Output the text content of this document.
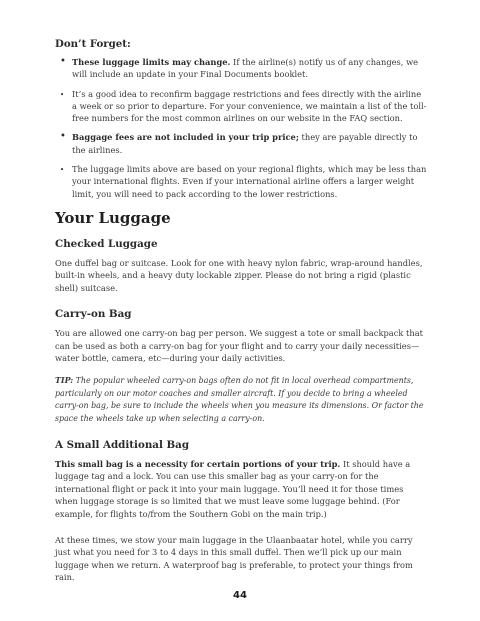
Don’t Forget:
• These luggage limits may change. If the airline(s) notify us of any changes, we will include an update in your Final Documents booklet.
• It’s a good idea to reconfirm baggage restrictions and fees directly with the airline a week or so prior to departure. For your convenience, we maintain a list of the toll-free numbers for the most common airlines on our website in the FAQ section.
• Baggage fees are not included in your trip price; they are payable directly to the airlines.
• The luggage limits above are based on your regional flights, which may be less than your international flights. Even if your international airline offers a larger weight limit, you will need to pack according to the lower restrictions.
Your Luggage
Checked Luggage

One duffel bag or suitcase. Look for one with heavy nylon fabric, wrap-around handles, built-in wheels, and a heavy duty lockable zipper. Please do not bring a rigid (plastic shell) suitcase.

Carry-on Bag

You are allowed one carry-on bag per person. We suggest a tote or small backpack that can be used as both a carry-on bag for your flight and to carry your daily necessities—water bottle, camera, etc—during your daily activities.

TIP: The popular wheeled carry-on bags often do not fit in local overhead compartments, particularly on our motor coaches and smaller aircraft. If you decide to bring a wheeled carry-on bag, be sure to include the wheels when you measure its dimensions. Or factor the space the wheels take up when selecting a carry-on.

A Small Additional Bag

This small bag is a necessity for certain portions of your trip. It should have a luggage tag and a lock. You can use this smaller bag as your carry-on for the international flight or pack it into your main luggage. You’ll need it for those times when luggage storage is so limited that we must leave some luggage behind. (For example, for flights to/from the Southern Gobi on the main trip.)

At these times, we stow your main luggage in the Ulaanbaatar hotel, while you carry just what you need for 3 to 4 days in this small duffel. Then we’ll pick up our main luggage when we return. A waterproof bag is preferable, to protect your things from rain.

44
